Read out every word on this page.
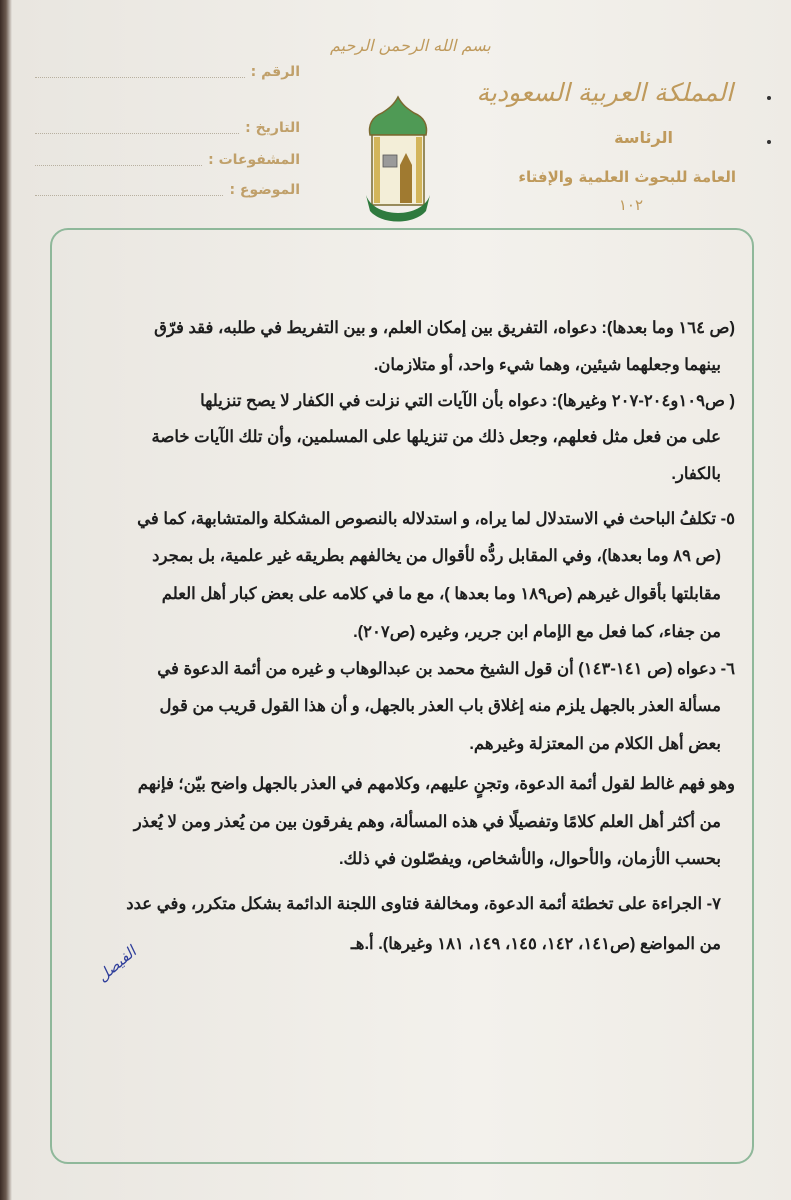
المملكة العربية السعودية
الرئاسة
العامة للبحوث العلمية والإفتاء
١٠٢
بسم الله الرحمن الرحيم
الرقم :
التاريخ :
المشفوعات :
الموضوع :
(ص ١٦٤ وما بعدها): دعواه، التفريق بين إمكان العلم، و بين التفريط في طلبه، فقد فرّق
بينهما وجعلهما شيئين، وهما شيء واحد، أو متلازمان.
( ص١٠٩و٢٠٤-٢٠٧ وغيرها): دعواه بأن الآيات التي نزلت في الكفار لا يصح تنزيلها
على من فعل مثل فعلهم، وجعل ذلك من تنزيلها على المسلمين، وأن تلك الآيات خاصة
بالكفار.
٥- تكلفُ الباحث في الاستدلال لما يراه، و استدلاله بالنصوص المشكلة والمتشابهة، كما في
(ص ٨٩ وما بعدها)، وفي المقابل ردُّه لأقوال من يخالفهم بطريقه غير علمية، بل بمجرد
مقابلتها بأقوال غيرهم (ص١٨٩ وما بعدها )، مع ما في كلامه على بعض كبار أهل العلم
من جفاء، كما فعل مع الإمام ابن جرير، وغيره (ص٢٠٧).
٦- دعواه (ص ١٤١-١٤٣) أن قول الشيخ محمد بن عبدالوهاب و غيره من أئمة الدعوة في
مسألة العذر بالجهل يلزم منه إغلاق باب العذر بالجهل، و أن هذا القول قريب من قول
بعض أهل الكلام من المعتزلة وغيرهم.
وهو فهم غالط لقول أئمة الدعوة، وتجنٍ عليهم، وكلامهم في العذر بالجهل واضح بيّن؛ فإنهم
من أكثر أهل العلم كلامًا وتفصيلًا في هذه المسألة، وهم يفرقون بين من يُعذر ومن لا يُعذر
بحسب الأزمان، والأحوال، والأشخاص، ويفصّلون في ذلك.
٧- الجراءة على تخطئة أئمة الدعوة، ومخالفة فتاوى اللجنة الدائمة بشكل متكرر، وفي عدد
من المواضع (ص١٤١، ١٤٢، ١٤٥، ١٤٩، ١٨١ وغيرها). أ.هـ
الفيصل
